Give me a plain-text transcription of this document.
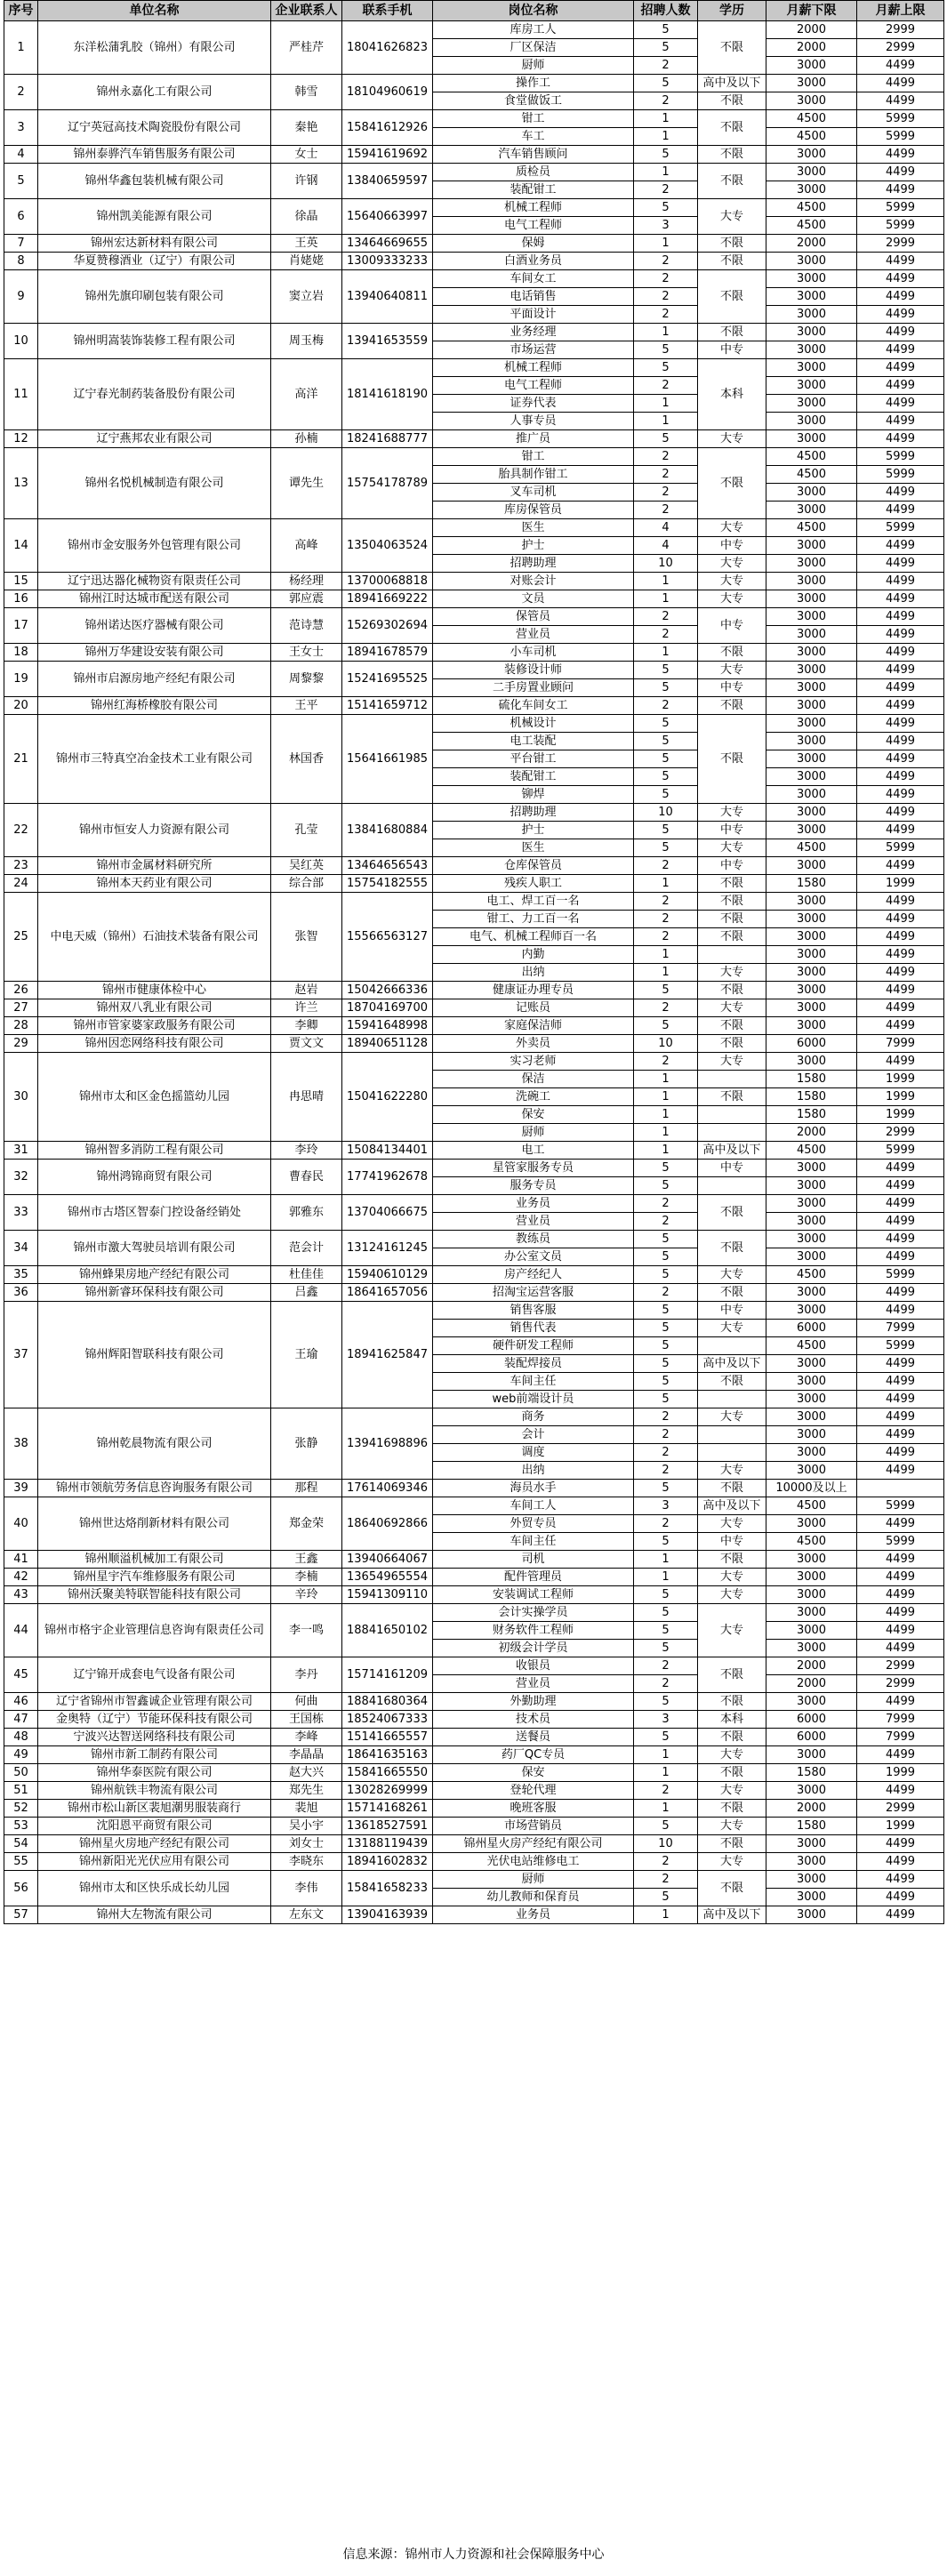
序号	单位名称	企业联系人	联系手机	岗位名称	招聘人数	学历	月薪下限	月薪上限
1	东洋松蒲乳胶（锦州）有限公司	严桂芹	18041626823	库房工人	5	不限	2000	2999
				厂区保洁	5		2000	2999
				厨师	2		3000	4499
2	锦州永嘉化工有限公司	韩雪	18104960619	操作工	5	高中及以下	3000	4499
				食堂做饭工	2	不限	3000	4499
3	辽宁英冠高技术陶瓷股份有限公司	秦艳	15841612926	钳工	1	不限	4500	5999
				车工	1		4500	5999
4	锦州泰骅汽车销售服务有限公司	女士	15941619692	汽车销售顾问	5	不限	3000	4499
5	锦州华鑫包装机械有限公司	许钢	13840659597	质检员	1	不限	3000	4499
				装配钳工	2		3000	4499
6	锦州凯美能源有限公司	徐晶	15640663997	机械工程师	5	大专	4500	5999
				电气工程师	3		4500	5999
7	锦州宏达新材料有限公司	王英	13464669655	保姆	1	不限	2000	2999
8	华夏赞穆酒业（辽宁）有限公司	肖姥姥	13009333233	白酒业务员	2	不限	3000	4499
9	锦州先旗印刷包装有限公司	窦立岩	13940640811	车间女工	2	不限	3000	4499
				电话销售	2		3000	4499
				平面设计	2		3000	4499
10	锦州明嵩装饰装修工程有限公司	周玉梅	13941653559	业务经理	1	不限	3000	4499
				市场运营	5	中专	3000	4499
11	辽宁春光制药装备股份有限公司	高洋	18141618190	机械工程师	5	本科	3000	4499
				电气工程师	2		3000	4499
				证券代表	1		3000	4499
				人事专员	1		3000	4499
12	辽宁燕邦农业有限公司	孙楠	18241688777	推广员	5	大专	3000	4499
13	锦州名悦机械制造有限公司	谭先生	15754178789	钳工	2	不限	4500	5999
				胎具制作钳工	2		4500	5999
				叉车司机	2		3000	4499
				库房保管员	2		3000	4499
14	锦州市金安服务外包管理有限公司	高峰	13504063524	医生	4	大专	4500	5999
				护士	4	中专	3000	4499
				招聘助理	10	大专	3000	4499
15	辽宁迅达器化械物资有限责任公司	杨经理	13700068818	对账会计	1	大专	3000	4499
16	锦州江时达城市配送有限公司	郭应震	18941669222	文员	1	大专	3000	4499
17	锦州诺达医疗器械有限公司	范诗慧	15269302694	保管员	2	中专	3000	4499
				营业员	2		3000	4499
18	锦州万华建设安装有限公司	王女士	18941678579	小车司机	1	不限	3000	4499
19	锦州市启源房地产经纪有限公司	周黎黎	15241695525	装修设计师	5	大专	3000	4499
				二手房置业顾问	5	中专	3000	4499
20	锦州红海桥橡胶有限公司	王平	15141659712	硫化车间女工	2	不限	3000	4499
21	锦州市三特真空冶金技术工业有限公司	林国香	15641661985	机械设计	5	不限	3000	4499
				电工装配	5		3000	4499
				平台钳工	5		3000	4499
				装配钳工	5		3000	4499
				铆焊	5		3000	4499
22	锦州市恒安人力资源有限公司	孔莹	13841680884	招聘助理	10	大专	3000	4499
				护士	5	中专	3000	4499
				医生	5	大专	4500	5999
23	锦州市金属材料研究所	吴红英	13464656543	仓库保管员	2	中专	3000	4499
24	锦州本天药业有限公司	综合部	15754182555	残疾人职工	1	不限	1580	1999
25	中电天威（锦州）石油技术装备有限公司	张智	15566563127	电工、焊工百一名	2	不限	3000	4499
				钳工、力工百一名	2	不限	3000	4499
				电气、机械工程师百一名	2	不限	3000	4499
				内勤	1		3000	4499
				出纳	1	大专	3000	4499
26	锦州市健康体检中心	赵岩	15042666336	健康证办理专员	5	不限	3000	4499
27	锦州双八乳业有限公司	许兰	18704169700	记账员	2	大专	3000	4499
28	锦州市管家婆家政服务有限公司	李卿	15941648998	家庭保洁师	5	不限	3000	4499
29	锦州因恋网络科技有限公司	贾文文	18940651128	外卖员	10	不限	6000	7999
30	锦州市太和区金色摇篮幼儿园	冉思晴	15041622280	实习老师	2	大专	3000	4499
				保洁	1		1580	1999
				洗碗工	1	不限	1580	1999
				保安	1		1580	1999
				厨师	1		2000	2999
31	锦州智多消防工程有限公司	李玲	15084134401	电工	1	高中及以下	4500	5999
32	锦州鸿锦商贸有限公司	曹春民	17741962678	星管家服务专员	5	中专	3000	4499
				服务专员	5		3000	4499
33	锦州市古塔区智泰门控设备经销处	郭雅东	13704066675	业务员	2	不限	3000	4499
				营业员	2		3000	4499
34	锦州市激大驾驶员培训有限公司	范会计	13124161245	教练员	5	不限	3000	4499
				办公室文员	5		3000	4499
35	锦州蜂果房地产经纪有限公司	杜佳佳	15940610129	房产经纪人	5	大专	4500	5999
36	锦州新睿环保科技有限公司	吕鑫	18641657056	招淘宝运营客服	2	不限	3000	4499
37	锦州辉阳智联科技有限公司	王瑜	18941625847	销售客服	5	中专	3000	4499
				销售代表	5	大专	6000	7999
				硬件研发工程师	5		4500	5999
				装配焊接员	5	高中及以下	3000	4499
				车间主任	5	不限	3000	4499
				web前端设计员	5		3000	4499
38	锦州乾晨物流有限公司	张静	13941698896	商务	2	大专	3000	4499
				会计	2		3000	4499
				调度	2		3000	4499
				出纳	2	大专	3000	4499
39	锦州市领航劳务信息咨询服务有限公司	那程	17614069346	海员水手	5	不限	10000及以上	
40	锦州世达烙削新材料有限公司	郑金荣	18640692866	车间工人	3	高中及以下	4500	5999
				外贸专员	2	大专	3000	4499
				车间主任	5	中专	4500	5999
41	锦州顺溢机械加工有限公司	王鑫	13940664067	司机	1	不限	3000	4499
42	锦州星宇汽车维修服务有限公司	李楠	13654965554	配件管理员	1	大专	3000	4499
43	锦州沃聚美特联智能科技有限公司	辛玲	15941309110	安装调试工程师	5	大专	3000	4499
44	锦州市格宇企业管理信息咨询有限责任公司	李一鸣	18841650102	会计实操学员	5	大专	3000	4499
				财务软件工程师	5		3000	4499
				初级会计学员	5		3000	4499
45	辽宁锦开成套电气设备有限公司	李丹	15714161209	收银员	2	不限	2000	2999
				营业员	2		2000	2999
46	辽宁省锦州市智鑫诚企业管理有限公司	何曲	18841680364	外勤助理	5	不限	3000	4499
47	金奥特（辽宁）节能环保科技有限公司	王国栋	18524067333	技术员	3	本科	6000	7999
48	宁波兴达智送网络科技有限公司	李峰	15141665557	送餐员	5	不限	6000	7999
49	锦州市新工制药有限公司	李晶晶	18641635163	药厂QC专员	1	大专	3000	4499
50	锦州华泰医院有限公司	赵大兴	15841665550	保安	1	不限	1580	1999
51	锦州航铁丰物流有限公司	郑先生	13028269999	登轮代理	2	大专	3000	4499
52	锦州市松山新区裴旭潮男服装商行	裴旭	15714168261	晚班客服	1	不限	2000	2999
53	沈阳恩平商贸有限公司	吴小宇	13618527591	市场营销员	5	大专	1580	1999
54	锦州星火房地产经纪有限公司	刘女士	13188119439	锦州星火房产经纪有限公司	10	不限	3000	4499
55	锦州新阳光光伏应用有限公司	李晓东	18941602832	光伏电站维修电工	2	大专	3000	4499
56	锦州市太和区快乐成长幼儿园	李伟	15841658233	厨师	2	不限	3000	4499
				幼儿教师和保育员	5		3000	4499
57	锦州大左物流有限公司	左东文	13904163939	业务员	1	高中及以下	3000	4499
信息来源：锦州市人力资源和社会保障服务中心
